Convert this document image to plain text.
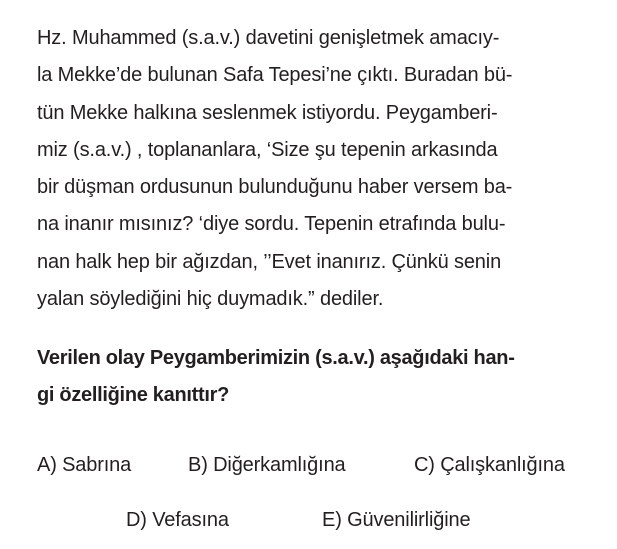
Hz. Muhammed (s.a.v.) davetini genişletmek amacıy-
la Mekke’de bulunan Safa Tepesi’ne çıktı. Buradan bü-
tün Mekke halkına seslenmek istiyordu. Peygamberi-
miz (s.a.v.) , toplananlara, ‘Size şu tepenin arkasında
bir düşman ordusunun bulunduğunu haber versem ba-
na inanır mısınız? ‘diye sordu. Tepenin etrafında bulu-
nan halk hep bir ağızdan, ’’Evet inanırız. Çünkü senin
yalan söylediğini hiç duymadık.” dediler.
Verilen olay Peygamberimizin (s.a.v.) aşağıdaki han-
gi özelliğine kanıttır?
A) Sabrına	B) Diğerkamlığına	C) Çalışkanlığına
D) Vefasına	E) Güvenilirliğine
